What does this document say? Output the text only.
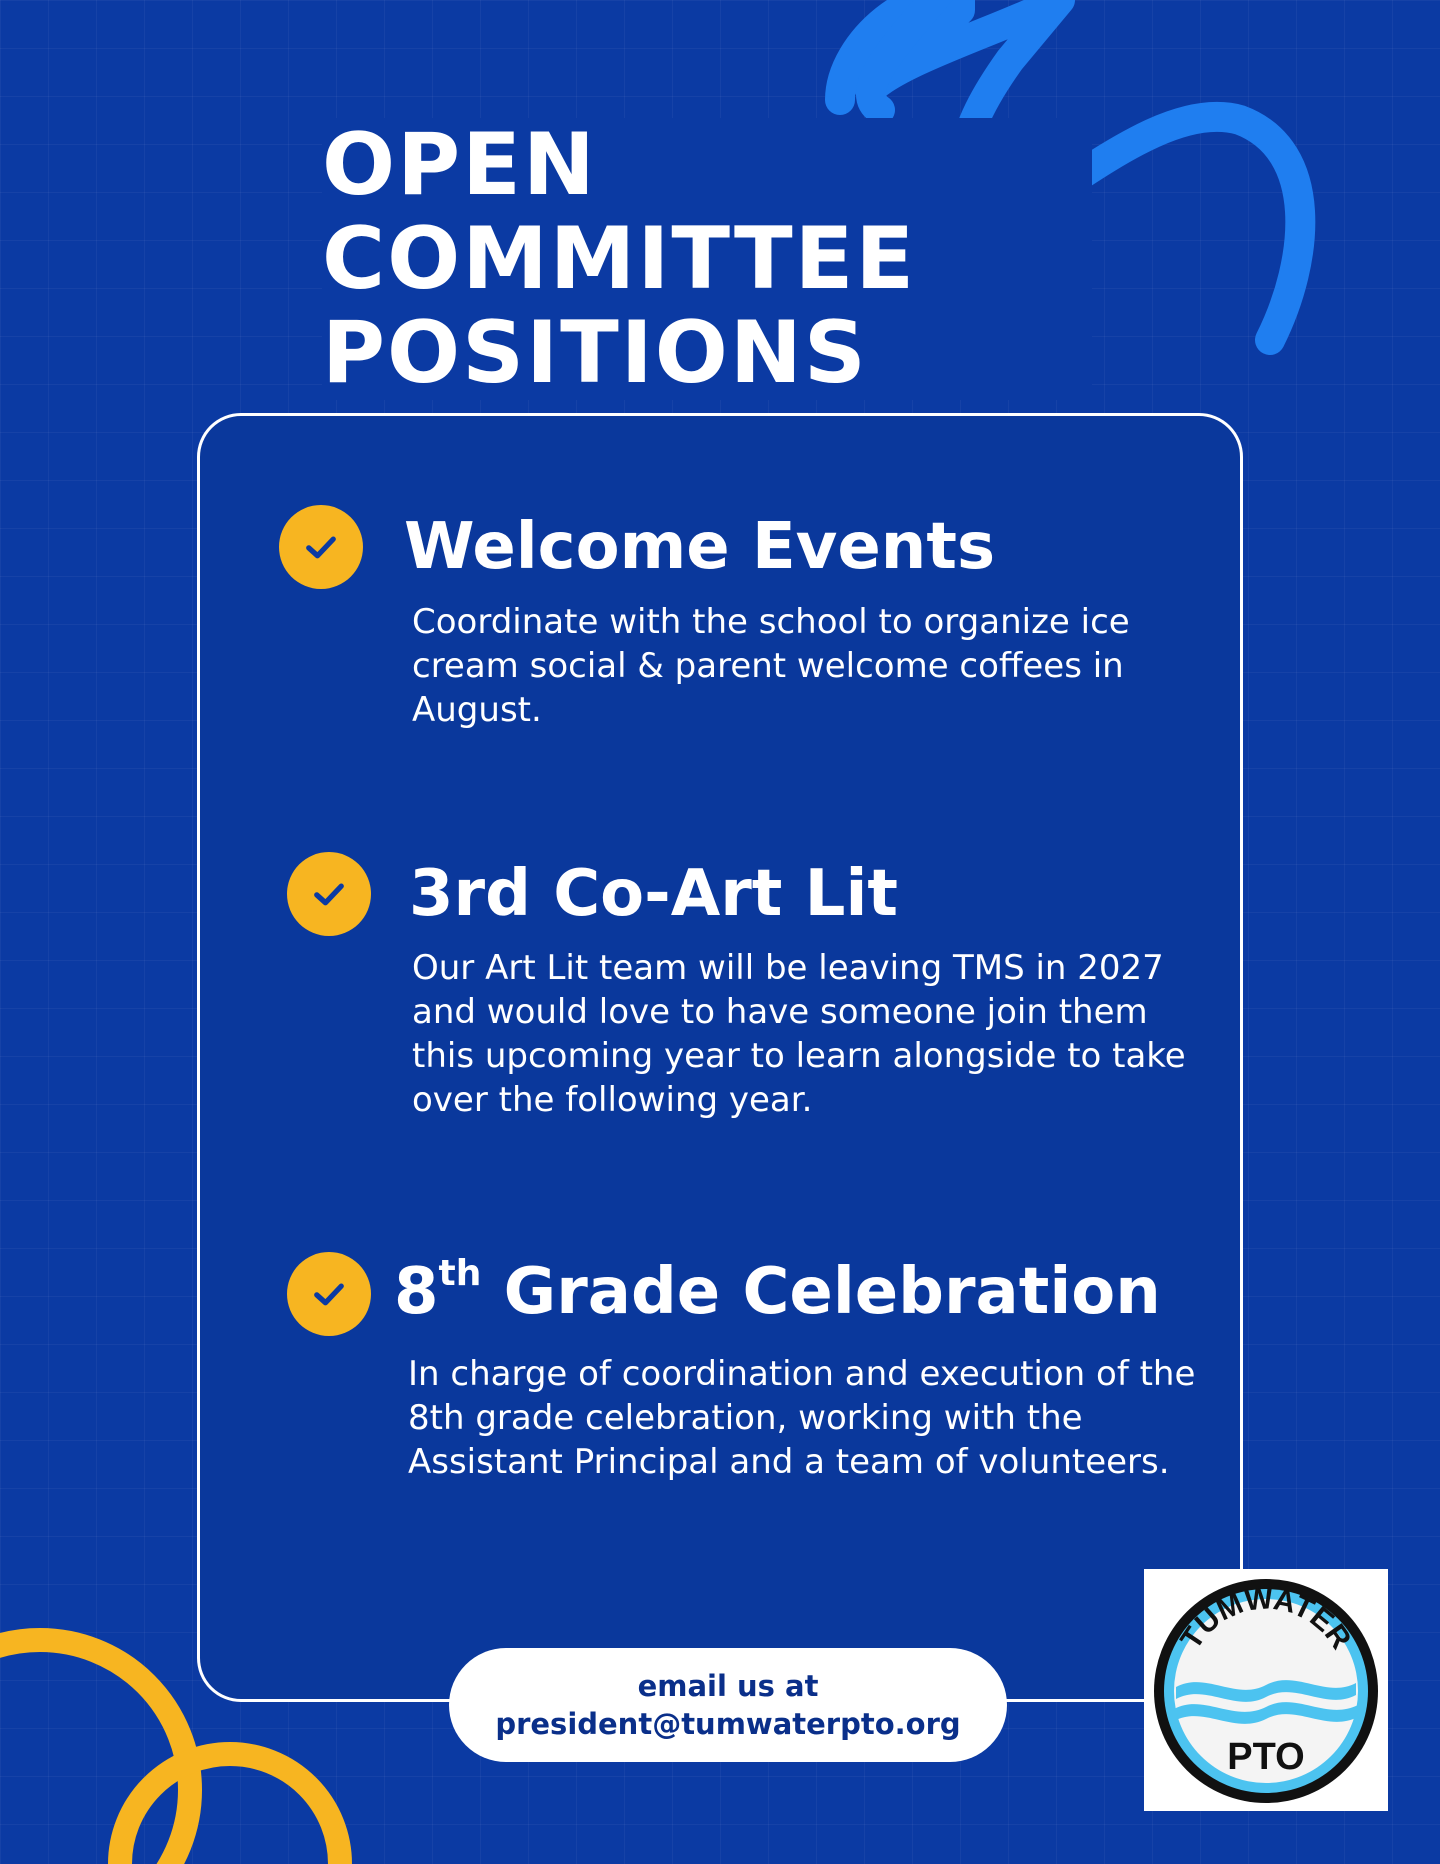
OPEN
COMMITTEE
POSITIONS
Welcome Events

Coordinate with the school to organize ice cream social & parent welcome coffees in August.

3rd Co-Art Lit

Our Art Lit team will be leaving TMS in 2027 and would love to have someone join them this upcoming year to learn alongside to take over the following year.

8th Grade Celebration

In charge of coordination and execution of the 8th grade celebration, working with the Assistant Principal and a team of volunteers.

email us at
president@tumwaterpto.org
TUMWATER
PTO
